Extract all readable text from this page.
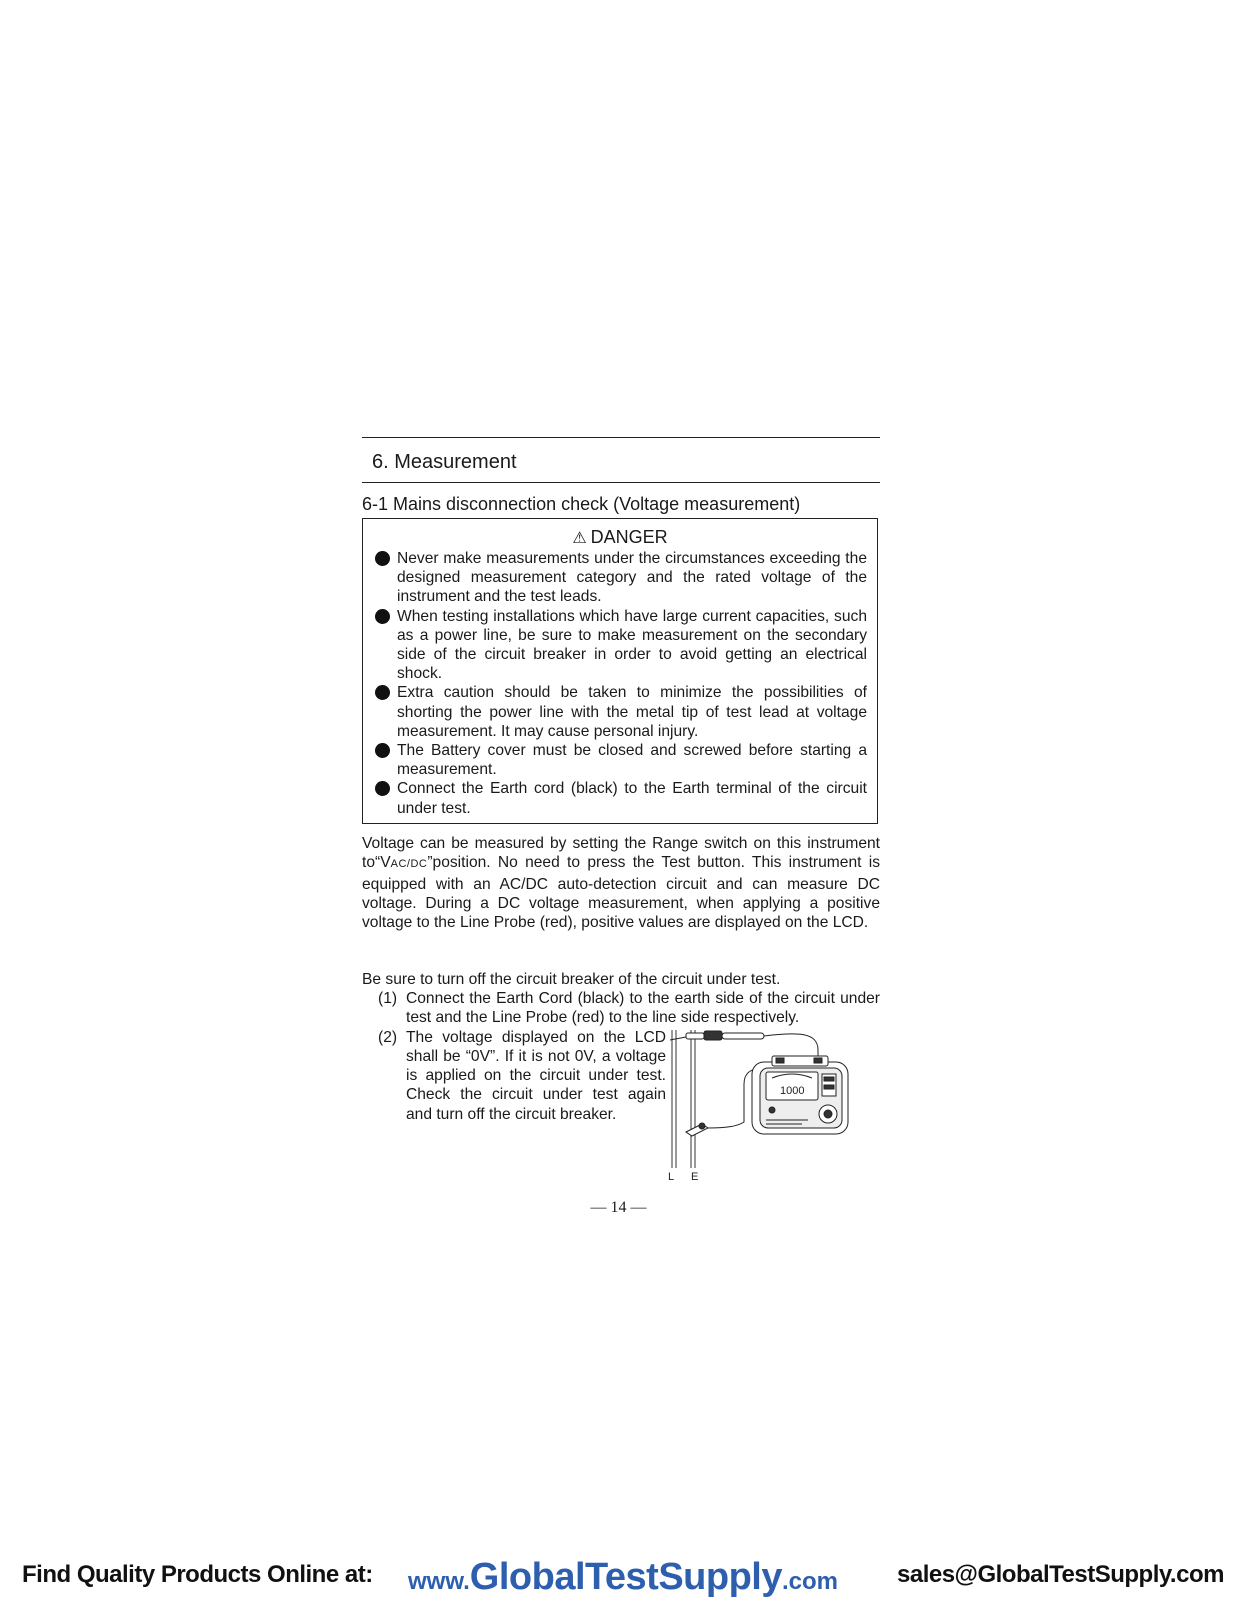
6. Measurement
6-1 Mains disconnection check (Voltage measurement)
⚠ DANGER
Never make measurements under the circumstances exceeding the designed measurement category and the rated voltage of the instrument and the test leads.
When testing installations which have large current capacities, such as a power line, be sure to make measurement on the secondary side of the circuit breaker in order to avoid getting an electrical shock.
Extra caution should be taken to minimize the possibilities of shorting the power line with the metal tip of test lead at voltage measurement. It may cause personal injury.
The Battery cover must be closed and screwed before starting a measurement.
Connect the Earth cord (black) to the Earth terminal of the circuit under test.

Voltage can be measured by setting the Range switch on this instrument to“VAC/DC”position. No need to press the Test button. This instrument is equipped with an AC/DC auto-detection circuit and can measure DC voltage. During a DC voltage measurement, when applying a positive voltage to the Line Probe (red), positive values are displayed on the LCD.

Be sure to turn off the circuit breaker of the circuit under test.

(1) Connect the Earth Cord (black) to the earth side of the circuit under test and the Line Probe (red) to the line side respectively.
(2) The voltage displayed on the LCD shall be “0V”. If it is not 0V, a voltage is applied on the circuit under test. Check the circuit under test again and turn off the circuit breaker.
1000
L E
— 14 —
Find Quality Products Online at: www.GlobalTestSupply.com sales@GlobalTestSupply.com
